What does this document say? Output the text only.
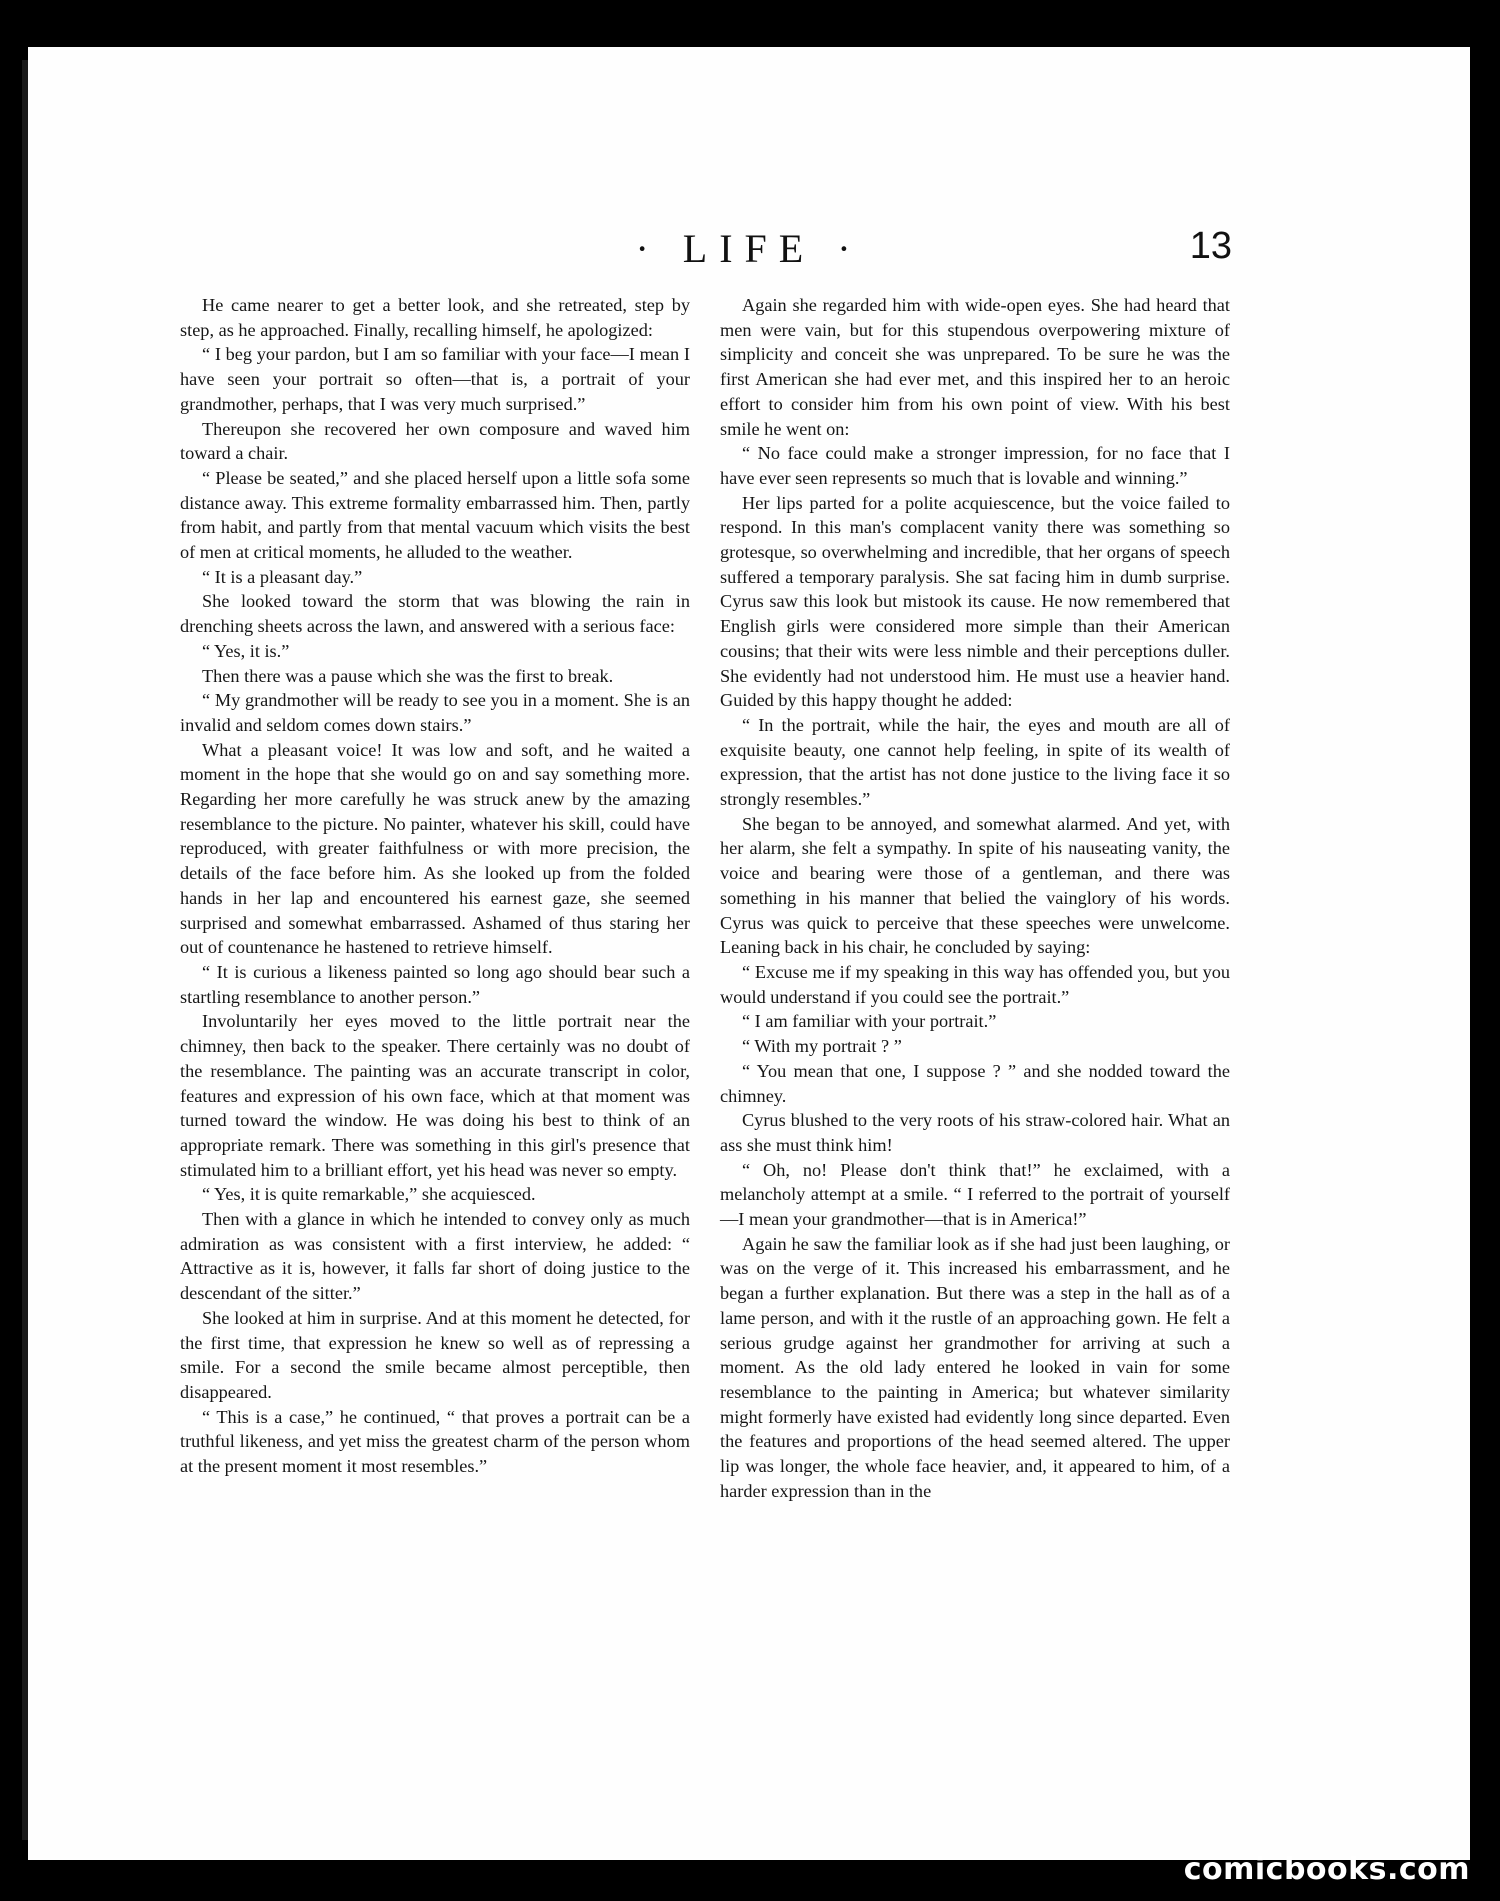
· LIFE ·	13

He came nearer to get a better look, and she retreated, step by step, as he approached. Finally, recalling himself, he apologized:

“ I beg your pardon, but I am so familiar with your face—I mean I have seen your portrait so often—that is, a portrait of your grandmother, perhaps, that I was very much surprised.”

Thereupon she recovered her own composure and waved him toward a chair.

“ Please be seated,” and she placed herself upon a little sofa some distance away. This extreme formality embarrassed him. Then, partly from habit, and partly from that mental vacuum which visits the best of men at critical moments, he alluded to the weather.

“ It is a pleasant day.”

She looked toward the storm that was blowing the rain in drenching sheets across the lawn, and answered with a serious face:

“ Yes, it is.”

Then there was a pause which she was the first to break.

“ My grandmother will be ready to see you in a moment. She is an invalid and seldom comes down stairs.”

What a pleasant voice! It was low and soft, and he waited a moment in the hope that she would go on and say something more. Regarding her more carefully he was struck anew by the amazing resemblance to the picture. No painter, whatever his skill, could have reproduced, with greater faithfulness or with more precision, the details of the face before him. As she looked up from the folded hands in her lap and encountered his earnest gaze, she seemed surprised and somewhat embarrassed. Ashamed of thus staring her out of countenance he hastened to retrieve himself.

“ It is curious a likeness painted so long ago should bear such a startling resemblance to another person.”

Involuntarily her eyes moved to the little portrait near the chimney, then back to the speaker. There certainly was no doubt of the resemblance. The painting was an accurate transcript in color, features and expression of his own face, which at that moment was turned toward the window. He was doing his best to think of an appropriate remark. There was something in this girl's presence that stimulated him to a brilliant effort, yet his head was never so empty.

“ Yes, it is quite remarkable,” she acquiesced.

Then with a glance in which he intended to convey only as much admiration as was consistent with a first interview, he added: “ Attractive as it is, however, it falls far short of doing justice to the descendant of the sitter.”

She looked at him in surprise. And at this moment he detected, for the first time, that expression he knew so well as of repressing a smile. For a second the smile became almost perceptible, then disappeared.

“ This is a case,” he continued, “ that proves a portrait can be a truthful likeness, and yet miss the greatest charm of the person whom at the present moment it most resembles.”

Again she regarded him with wide-open eyes. She had heard that men were vain, but for this stupendous overpowering mixture of simplicity and conceit she was unprepared. To be sure he was the first American she had ever met, and this inspired her to an heroic effort to consider him from his own point of view. With his best smile he went on:

“ No face could make a stronger impression, for no face that I have ever seen represents so much that is lovable and winning.”

Her lips parted for a polite acquiescence, but the voice failed to respond. In this man's complacent vanity there was something so grotesque, so overwhelming and incredible, that her organs of speech suffered a temporary paralysis. She sat facing him in dumb surprise. Cyrus saw this look but mistook its cause. He now remembered that English girls were considered more simple than their American cousins; that their wits were less nimble and their perceptions duller. She evidently had not understood him. He must use a heavier hand. Guided by this happy thought he added:

“ In the portrait, while the hair, the eyes and mouth are all of exquisite beauty, one cannot help feeling, in spite of its wealth of expression, that the artist has not done justice to the living face it so strongly resembles.”

She began to be annoyed, and somewhat alarmed. And yet, with her alarm, she felt a sympathy. In spite of his nauseating vanity, the voice and bearing were those of a gentleman, and there was something in his manner that belied the vainglory of his words. Cyrus was quick to perceive that these speeches were unwelcome. Leaning back in his chair, he concluded by saying:

“ Excuse me if my speaking in this way has offended you, but you would understand if you could see the portrait.”

“ I am familiar with your portrait.”

“ With my portrait ? ”

“ You mean that one, I suppose ? ” and she nodded toward the chimney.

Cyrus blushed to the very roots of his straw-colored hair. What an ass she must think him!

“ Oh, no! Please don't think that!” he exclaimed, with a melancholy attempt at a smile. “ I referred to the portrait of yourself—I mean your grandmother—that is in America!”

Again he saw the familiar look as if she had just been laughing, or was on the verge of it. This increased his embarrassment, and he began a further explanation. But there was a step in the hall as of a lame person, and with it the rustle of an approaching gown. He felt a serious grudge against her grandmother for arriving at such a moment. As the old lady entered he looked in vain for some resemblance to the painting in America; but whatever similarity might formerly have existed had evidently long since departed. Even the features and proportions of the head seemed altered. The upper lip was longer, the whole face heavier, and, it appeared to him, of a harder expression than in the

comicbooks.com
